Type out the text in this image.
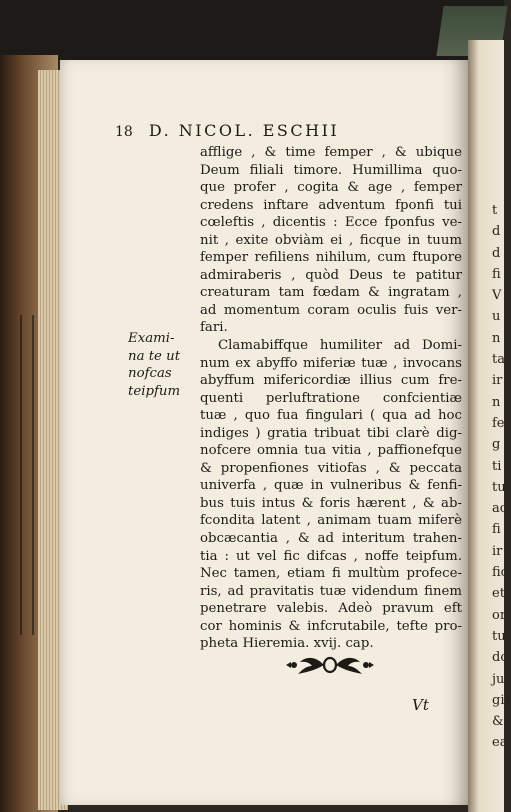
t
d
d
fi
V
u
n
ta
ir
n
fe
g
ti
tu
ac
fi
ir
fic
eti
or
tu
do
jus
git
&
ea
18 D. NICOL. ESCHII
Exami-
na te ut
nofcas
teipfum
afflige , & time femper , & ubique
Deum filiali timore. Humillima quo-
que profer , cogita & age , femper
credens inftare adventum fponfi tui
cœleftis , dicentis : Ecce fponfus ve-
nit , exite obviàm ei , ficque in tuum
femper refiliens nihilum, cum ftupore
admiraberis , quòd Deus te patitur
creaturam tam fœdam & ingratam ,
ad momentum coram oculis fuis ver-
fari.
Clamabiffque humiliter ad Domi-
num ex abyffo miferiæ tuæ , invocans
abyffum mifericordiæ illius cum fre-
quenti perluftratione confcientiæ
tuæ , quo fua fingulari ( qua ad hoc
indiges ) gratia tribuat tibi clarè dig-
nofcere omnia tua vitia , paffionefque
& propenfiones vitiofas , & peccata
univerfa , quæ in vulneribus & fenfi-
bus tuis intus & foris hærent , & ab-
fcondita latent , animam tuam miferè
obcæcantia , & ad interitum trahen-
tia : ut vel fic difcas , noffe teipfum.
Nec tamen, etiam fi multùm profece-
ris, ad pravitatis tuæ videndum finem
penetrare valebis. Adeò pravum eft
cor hominis & infcrutabile, tefte pro-
pheta Hieremia. xvij. cap.
Vt
